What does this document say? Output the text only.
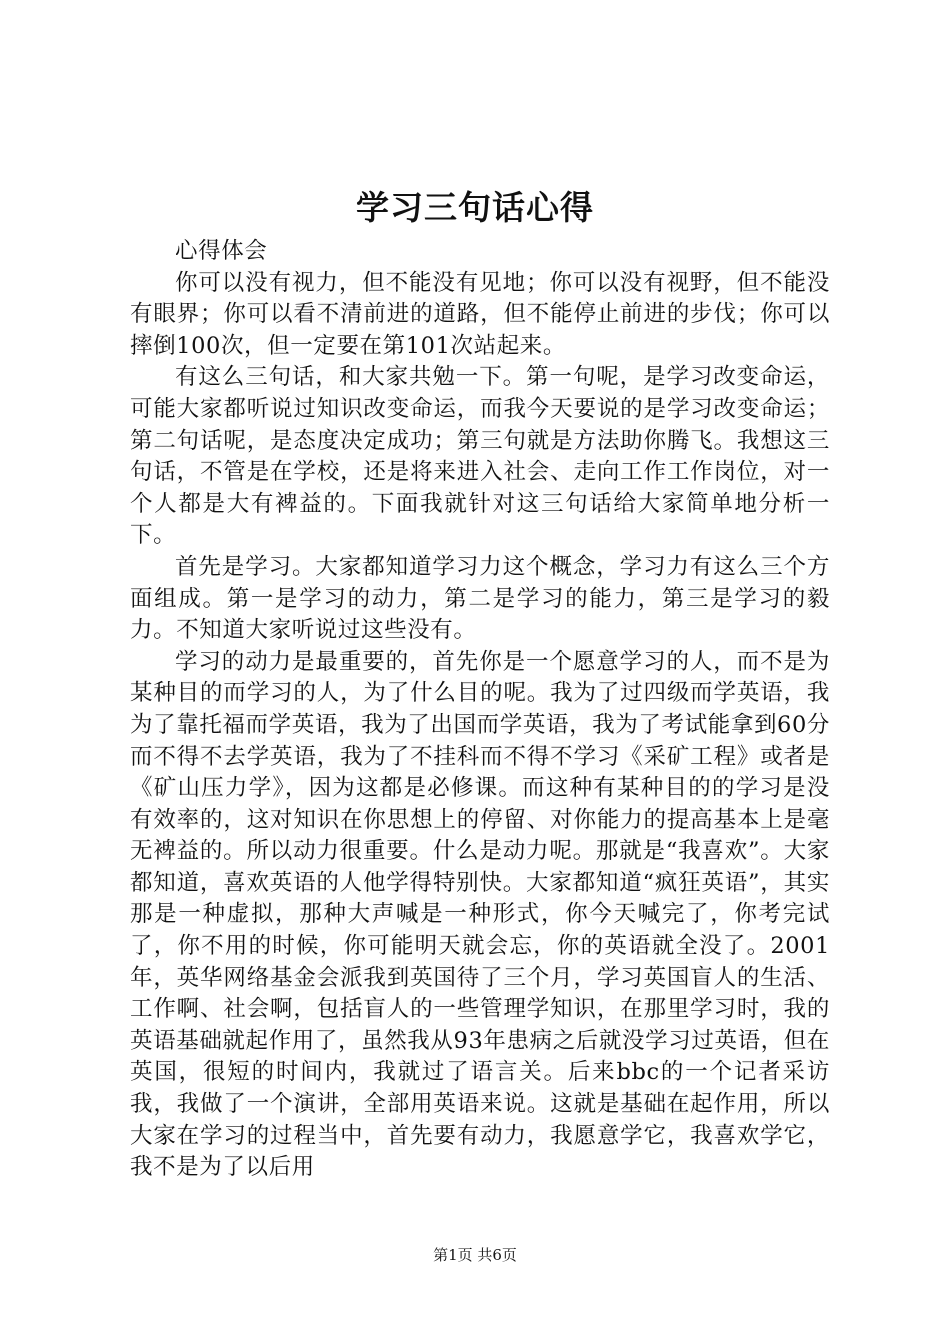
学习三句话心得

心得体会

你可以没有视力，但不能没有见地；你可以没有视野，但不能没有眼界；你可以看不清前进的道路，但不能停止前进的步伐；你可以摔倒100次，但一定要在第101次站起来。

有这么三句话，和大家共勉一下。第一句呢，是学习改变命运，可能大家都听说过知识改变命运，而我今天要说的是学习改变命运；第二句话呢，是态度决定成功；第三句就是方法助你腾飞。我想这三句话，不管是在学校，还是将来进入社会、走向工作工作岗位，对一个人都是大有裨益的。下面我就针对这三句话给大家简单地分析一下。

首先是学习。大家都知道学习力这个概念，学习力有这么三个方面组成。第一是学习的动力，第二是学习的能力，第三是学习的毅力。不知道大家听说过这些没有。

学习的动力是最重要的，首先你是一个愿意学习的人，而不是为某种目的而学习的人，为了什么目的呢。我为了过四级而学英语，我为了靠托福而学英语，我为了出国而学英语，我为了考试能拿到60分而不得不去学英语，我为了不挂科而不得不学习《采矿工程》或者是《矿山压力学》，因为这都是必修课。而这种有某种目的的学习是没有效率的，这对知识在你思想上的停留、对你能力的提高基本上是毫无裨益的。所以动力很重要。什么是动力呢。那就是“我喜欢”。大家都知道，喜欢英语的人他学得特别快。大家都知道“疯狂英语”，其实那是一种虚拟，那种大声喊是一种形式，你今天喊完了，你考完试了，你不用的时候，你可能明天就会忘，你的英语就全没了。2001年，英华网络基金会派我到英国待了三个月，学习英国盲人的生活、工作啊、社会啊，包括盲人的一些管理学知识，在那里学习时，我的英语基础就起作用了，虽然我从93年患病之后就没学习过英语，但在英国，很短的时间内，我就过了语言关。后来bbc的一个记者采访我，我做了一个演讲，全部用英语来说。这就是基础在起作用，所以大家在学习的过程当中，首先要有动力，我愿意学它，我喜欢学它，我不是为了以后用

第1页 共6页
